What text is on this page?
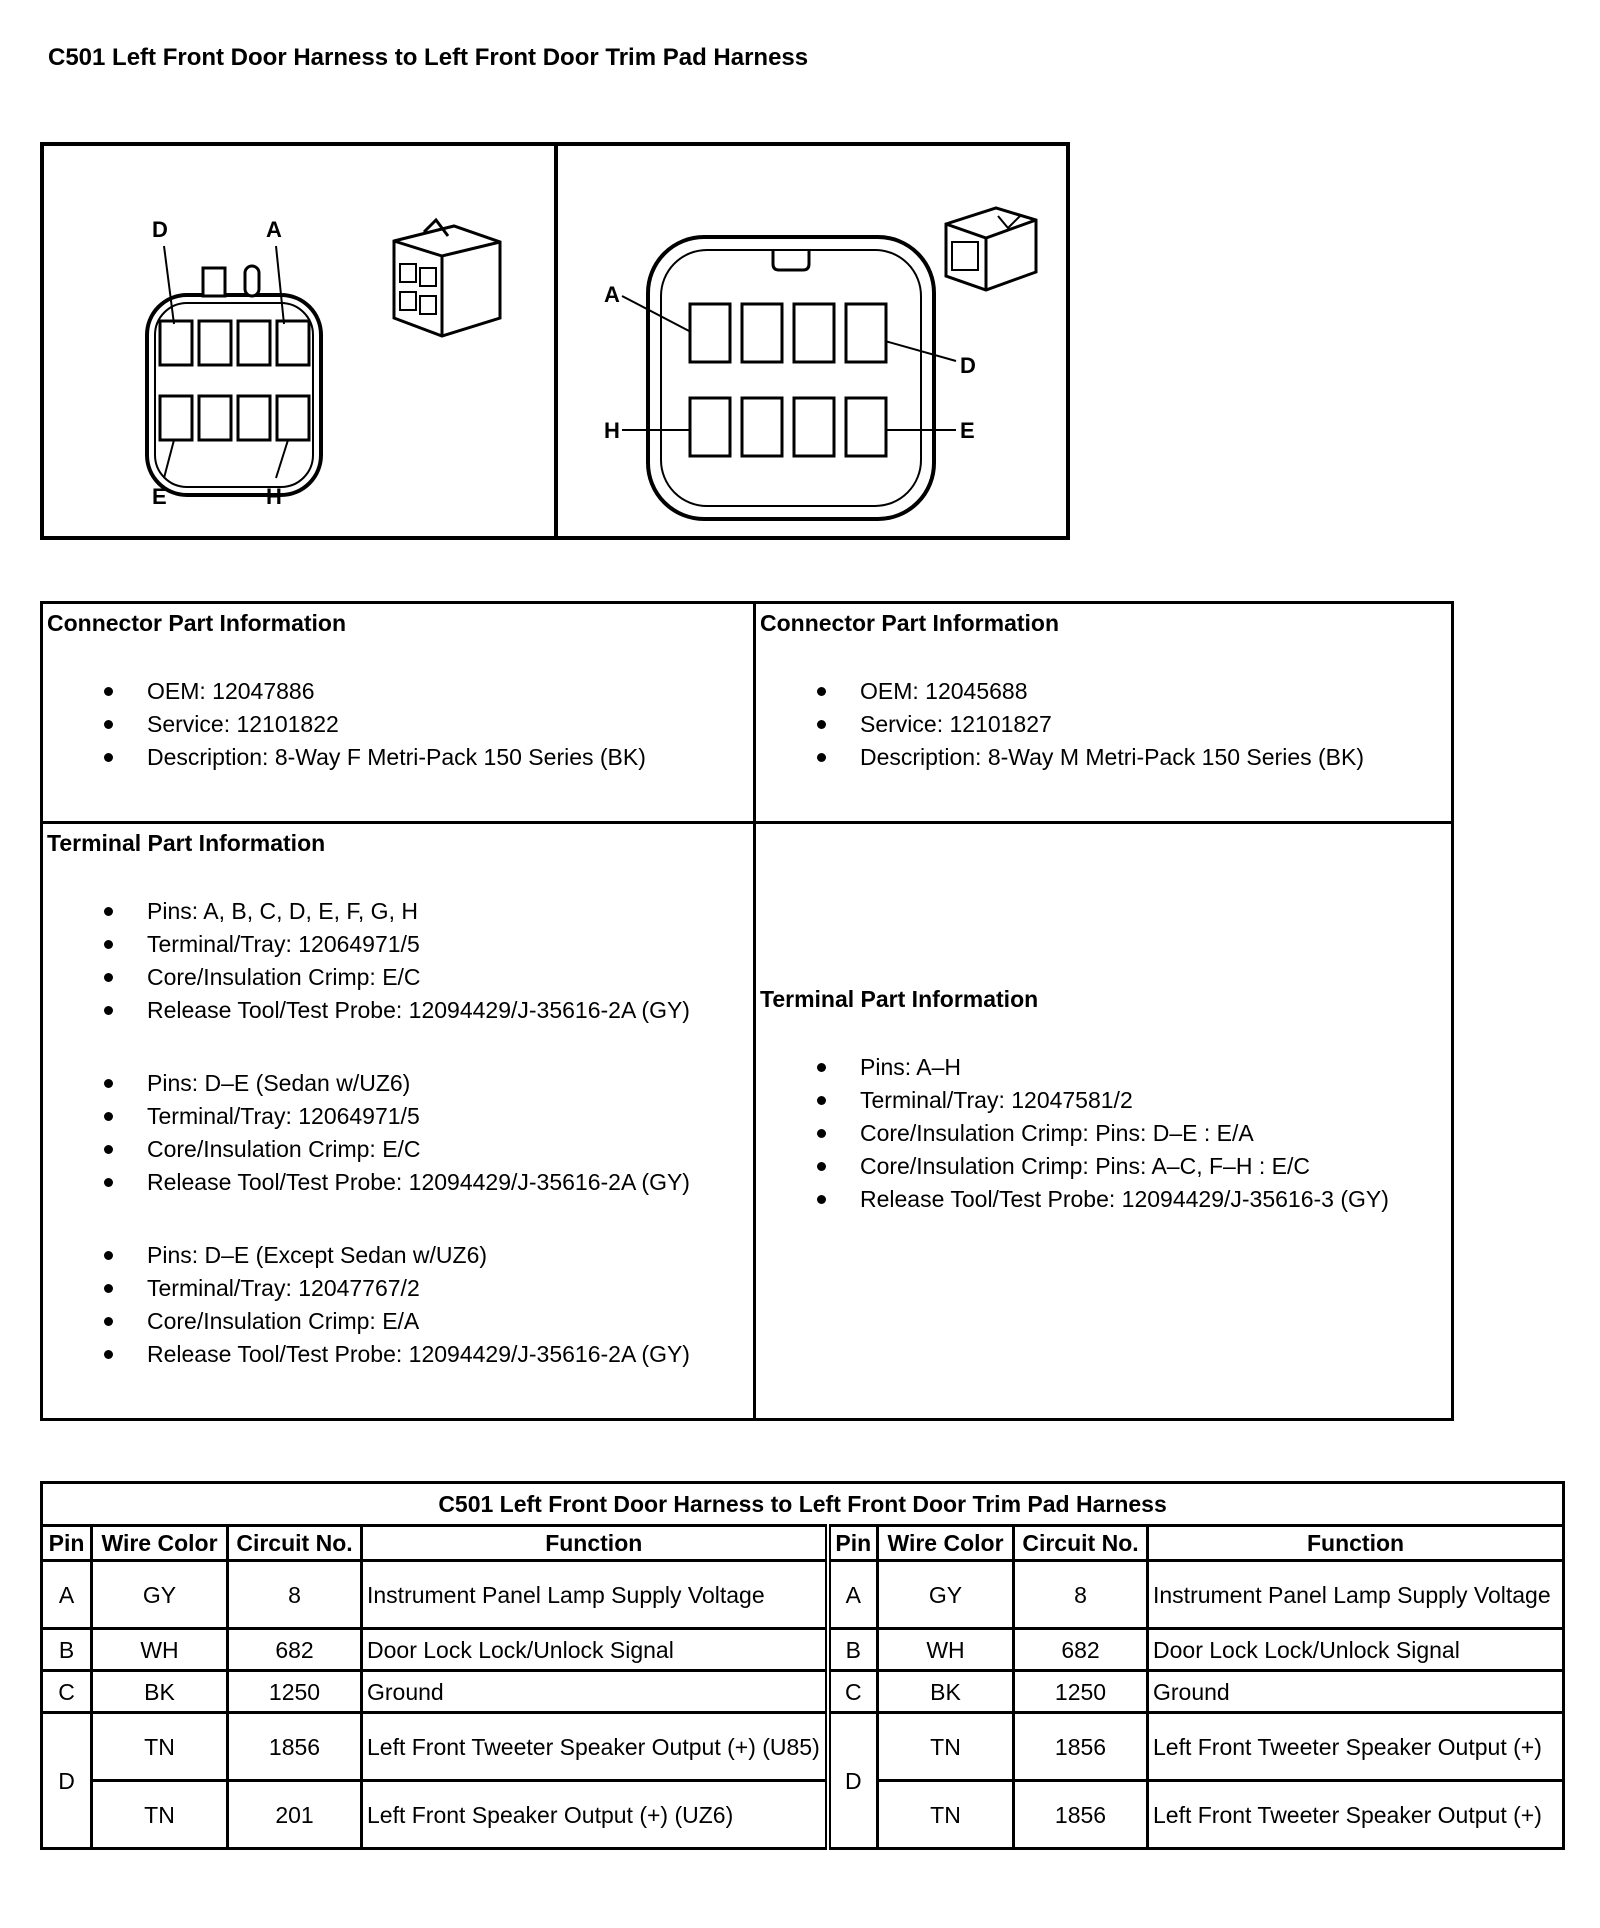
C501 Left Front Door Harness to Left Front Door Trim Pad Harness
D	A
E	H
A
D
H	E
Connector Part Information
OEM: 12047886
Service: 12101822
Description: 8-Way F Metri-Pack 150 Series (BK)
Connector Part Information
OEM: 12045688
Service: 12101827
Description: 8-Way M Metri-Pack 150 Series (BK)
Terminal Part Information
Pins: A, B, C, D, E, F, G, H
Terminal/Tray: 12064971/5
Core/Insulation Crimp: E/C
Release Tool/Test Probe: 12094429/J-35616-2A (GY)
Pins: D–E (Sedan w/UZ6)
Terminal/Tray: 12064971/5
Core/Insulation Crimp: E/C
Release Tool/Test Probe: 12094429/J-35616-2A (GY)
Pins: D–E (Except Sedan w/UZ6)
Terminal/Tray: 12047767/2
Core/Insulation Crimp: E/A
Release Tool/Test Probe: 12094429/J-35616-2A (GY)
Terminal Part Information
Pins: A–H
Terminal/Tray: 12047581/2
Core/Insulation Crimp: Pins: D–E : E/A
Core/Insulation Crimp: Pins: A–C, F–H : E/C
Release Tool/Test Probe: 12094429/J-35616-3 (GY)
C501 Left Front Door Harness to Left Front Door Trim Pad Harness							
Pin	Wire Color	Circuit No.	Function	Pin	Wire Color	Circuit No.	Function
A	GY	8	Instrument Panel Lamp Supply Voltage	A	GY	8	Instrument Panel Lamp Supply Voltage
B	WH	682	Door Lock Lock/Unlock Signal	B	WH	682	Door Lock Lock/Unlock Signal
C	BK	1250	Ground	C	BK	1250	Ground
D	TN	1856	Left Front Tweeter Speaker Output (+) (U85)	D	TN	1856	Left Front Tweeter Speaker Output (+)
	TN	201	Left Front Speaker Output (+) (UZ6)		TN	1856	Left Front Tweeter Speaker Output (+)
